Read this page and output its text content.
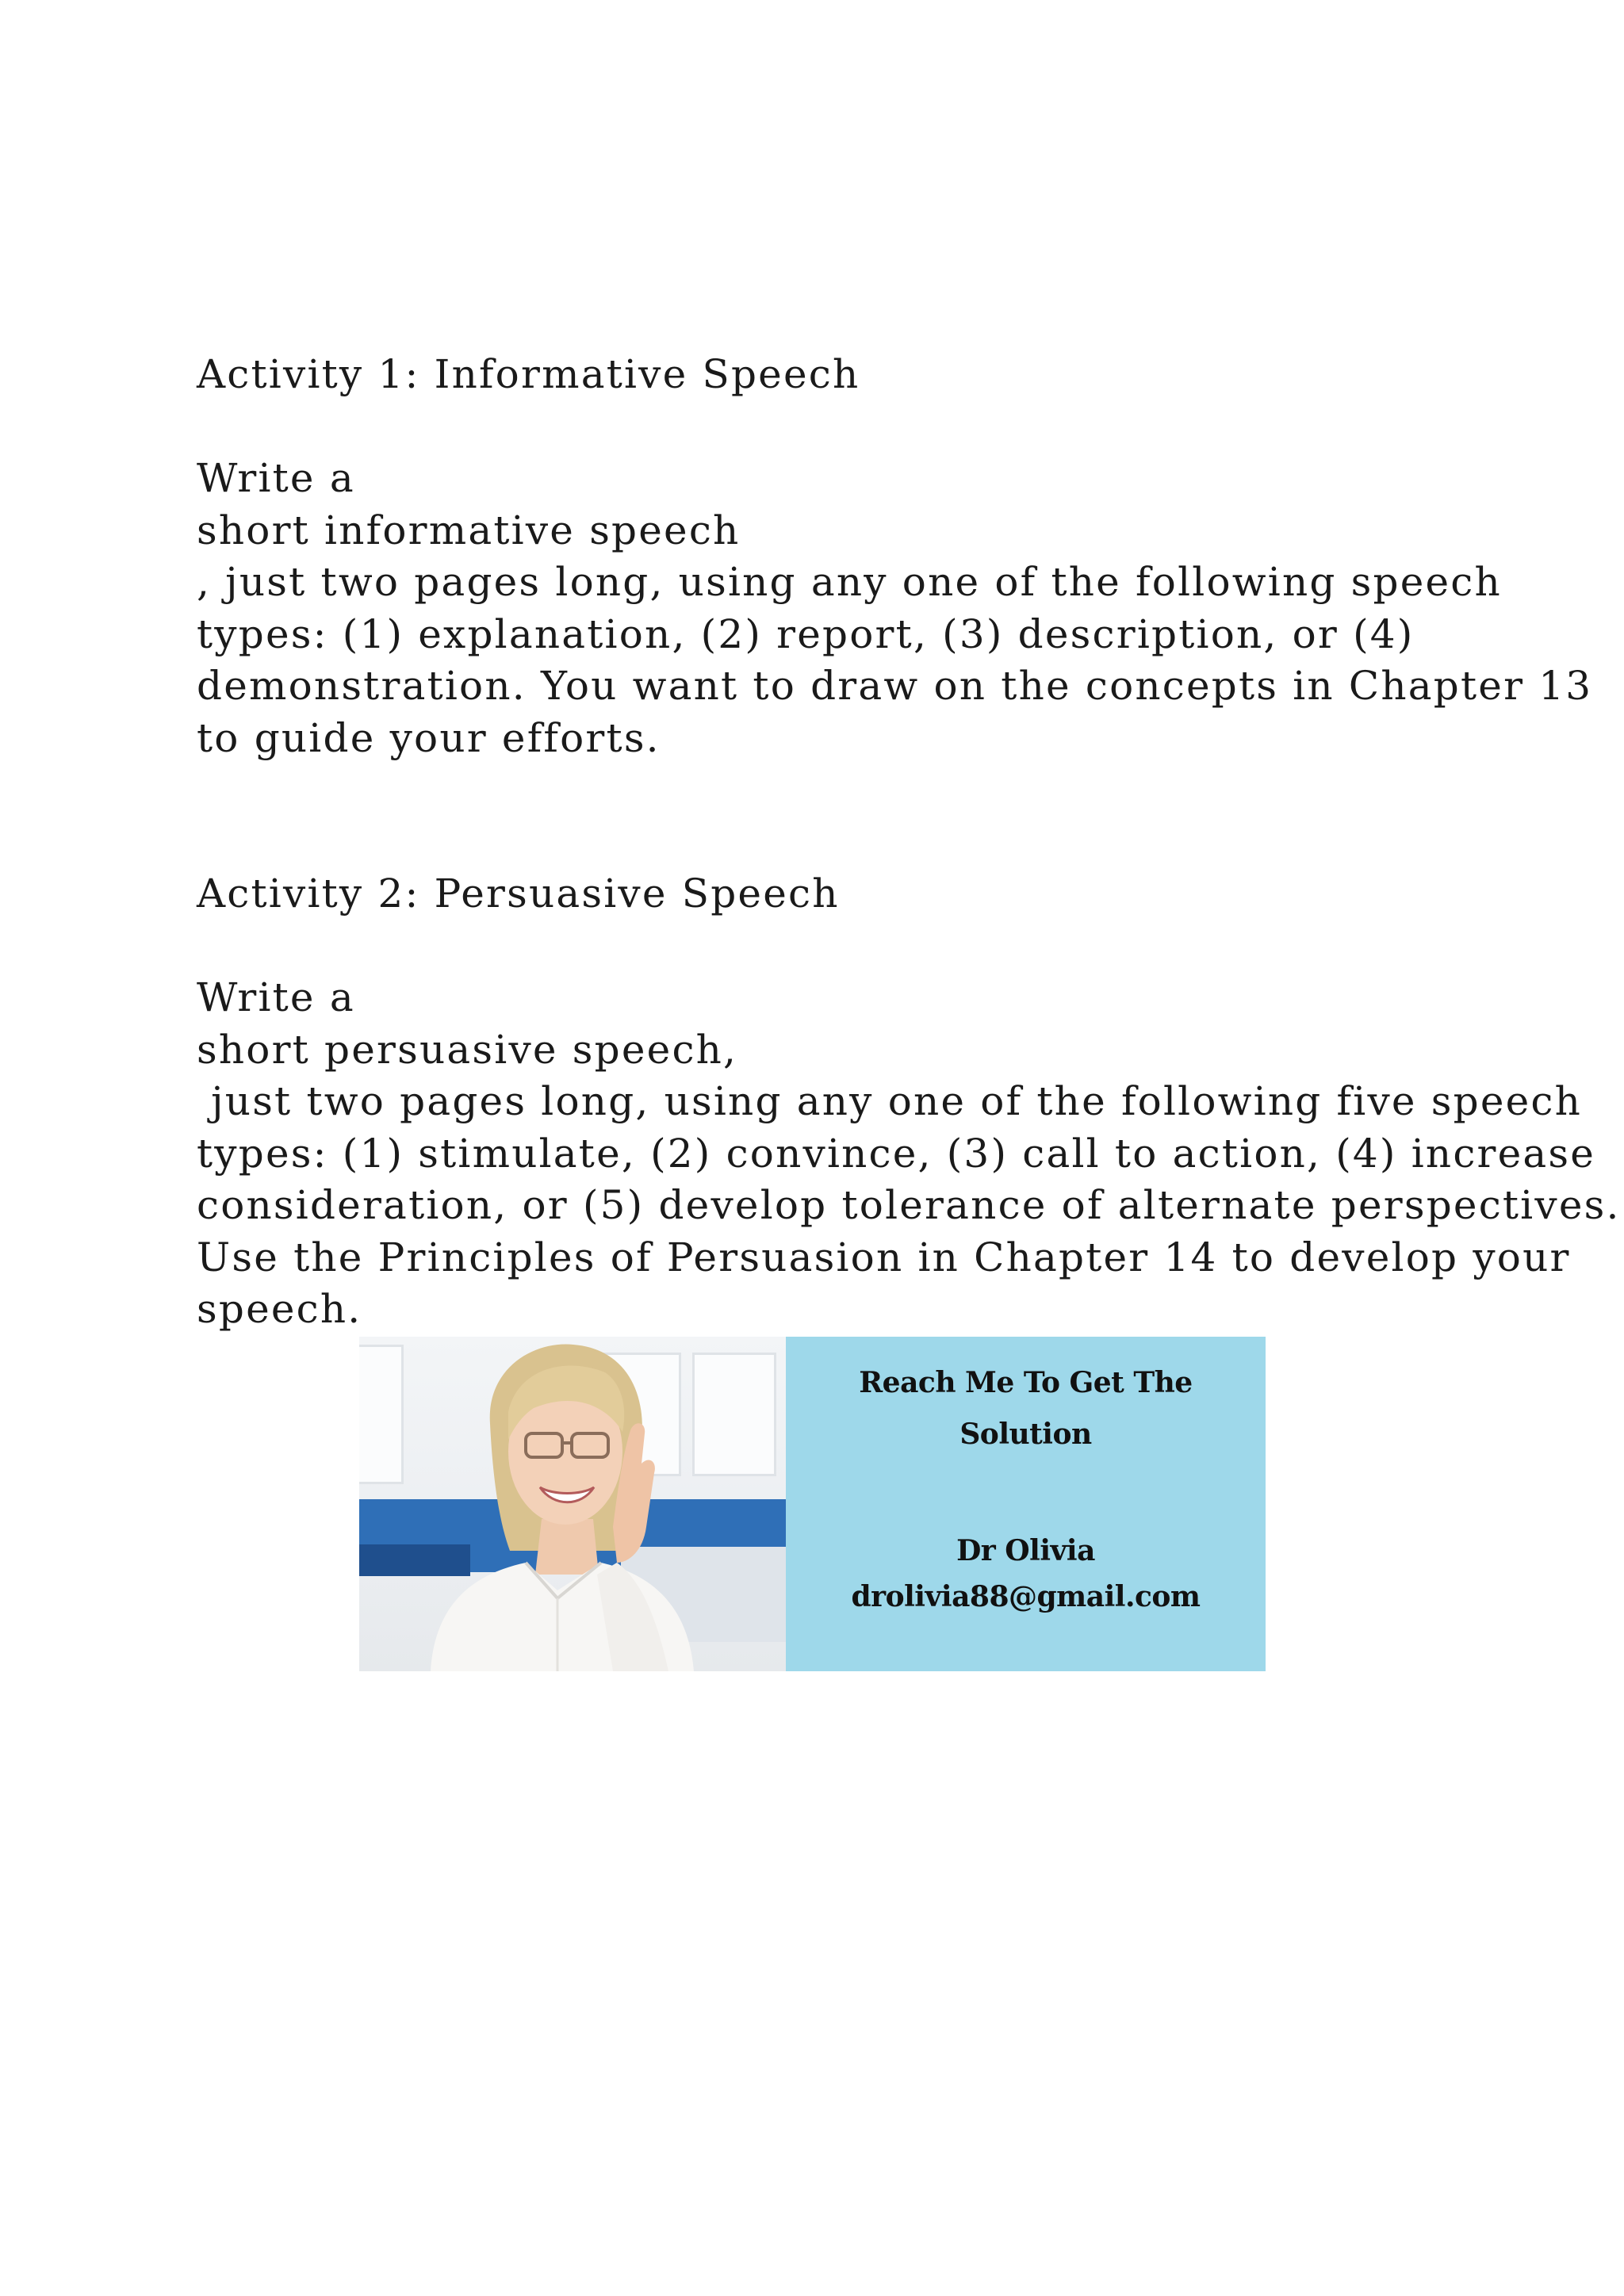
Activity 1: Informative Speech
Write a
short informative speech
, just two pages long, using any one of the following speech
types: (1) explanation, (2) report, (3) description, or (4)
demonstration. You want to draw on the concepts in Chapter 13
to guide your efforts.
Activity 2: Persuasive Speech
Write a
short persuasive speech,
just two pages long, using any one of the following five speech
types: (1) stimulate, (2) convince, (3) call to action, (4) increase
consideration, or (5) develop tolerance of alternate perspectives.
Use the Principles of Persuasion in Chapter 14 to develop your
speech.
Reach Me To Get The
Solution
Dr Olivia
drolivia88@gmail.com
